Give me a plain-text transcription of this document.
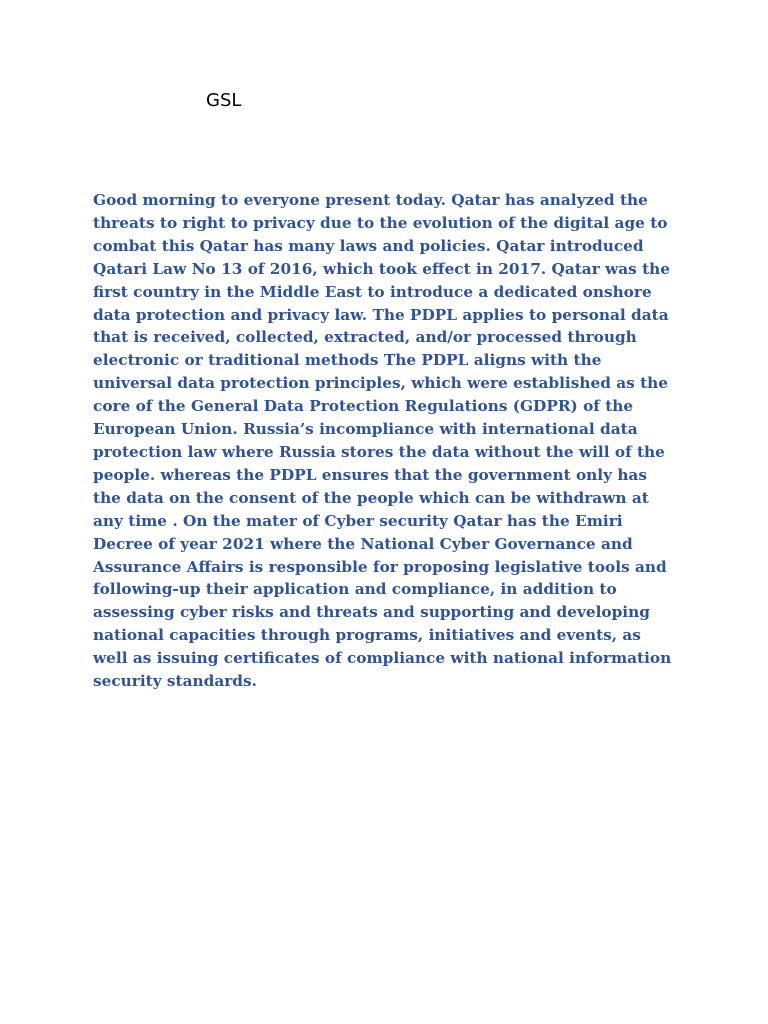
GSL

Good morning to everyone present today. Qatar has analyzed the threats to right to privacy due to the evolution of the digital age to combat this Qatar has many laws and policies. Qatar introduced Qatari Law No 13 of 2016, which took effect in 2017. Qatar was the first country in the Middle East to introduce a dedicated onshore data protection and privacy law. The PDPL applies to personal data that is received, collected, extracted, and/or processed through electronic or traditional methods The PDPL aligns with the universal data protection principles, which were established as the core of the General Data Protection Regulations (GDPR) of the European Union. Russia’s incompliance with international data protection law where Russia stores the data without the will of the people. whereas the PDPL ensures that the government only has the data on the consent of the people which can be withdrawn at any time . On the mater of Cyber security Qatar has the Emiri Decree of year 2021 where the National Cyber Governance and Assurance Affairs is responsible for proposing legislative tools and following-up their application and compliance, in addition to assessing cyber risks and threats and supporting and developing national capacities through programs, initiatives and events, as well as issuing certificates of compliance with national information security standards.
